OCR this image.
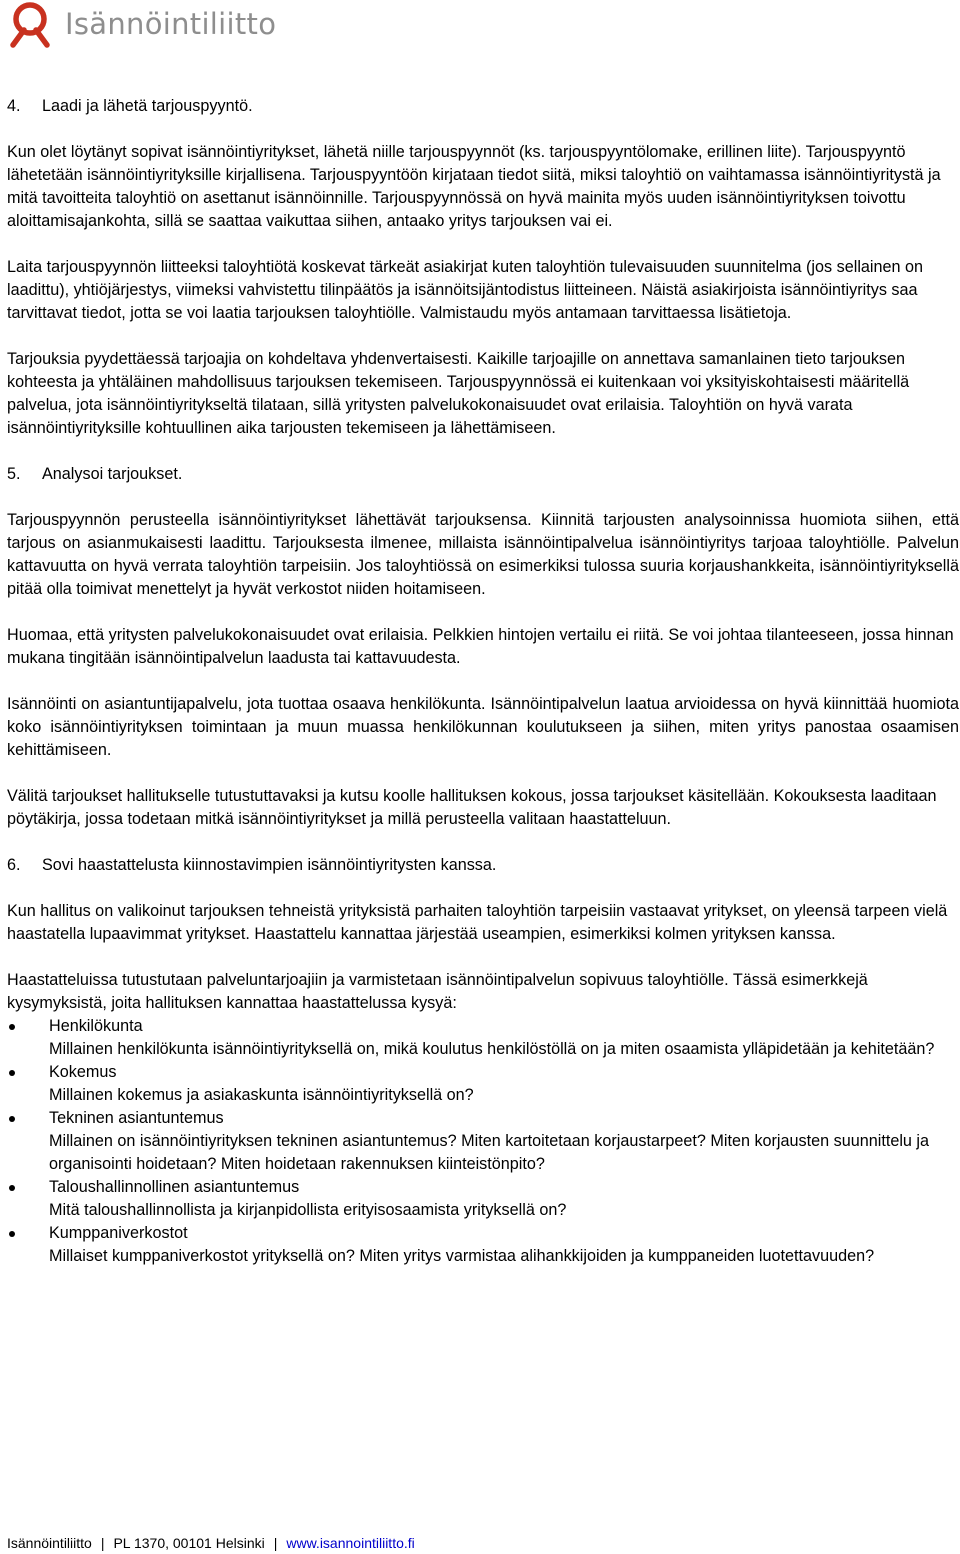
Isännöintiliitto
4.	Laadi ja lähetä tarjouspyyntö.

Kun olet löytänyt sopivat isännöintiyritykset, lähetä niille tarjouspyynnöt (ks. tarjouspyyntölomake, erillinen liite). Tarjouspyyntö lähetetään isännöintiyrityksille kirjallisena. Tarjouspyyntöön kirjataan tiedot siitä, miksi taloyhtiö on vaihtamassa isännöintiyritystä ja mitä tavoitteita taloyhtiö on asettanut isännöinnille. Tarjouspyynnössä on hyvä mainita myös uuden isännöintiyrityksen toivottu aloittamisajankohta, sillä se saattaa vaikuttaa siihen, antaako yritys tarjouksen vai ei.

Laita tarjouspyynnön liitteeksi taloyhtiötä koskevat tärkeät asiakirjat kuten taloyhtiön tulevaisuuden suunnitelma (jos sellainen on laadittu), yhtiöjärjestys, viimeksi vahvistettu tilinpäätös ja isännöitsijäntodistus liitteineen. Näistä asiakirjoista isännöintiyritys saa tarvittavat tiedot, jotta se voi laatia tarjouksen taloyhtiölle. Valmistaudu myös antamaan tarvittaessa lisätietoja.

Tarjouksia pyydettäessä tarjoajia on kohdeltava yhdenvertaisesti. Kaikille tarjoajille on annettava samanlainen tieto tarjouksen kohteesta ja yhtäläinen mahdollisuus tarjouksen tekemiseen. Tarjouspyynnössä ei kuitenkaan voi yksityiskohtaisesti määritellä palvelua, jota isännöintiyritykseltä tilataan, sillä yritysten palvelukokonaisuudet ovat erilaisia. Taloyhtiön on hyvä varata isännöintiyrityksille kohtuullinen aika tarjousten tekemiseen ja lähettämiseen.

5.	Analysoi tarjoukset.

Tarjouspyynnön perusteella isännöintiyritykset lähettävät tarjouksensa. Kiinnitä tarjousten analysoinnissa huomiota siihen, että tarjous on asianmukaisesti laadittu. Tarjouksesta ilmenee, millaista isännöintipalvelua isännöintiyritys tarjoaa taloyhtiölle. Palvelun kattavuutta on hyvä verrata taloyhtiön tarpeisiin. Jos taloyhtiössä on esimerkiksi tulossa suuria korjaushankkeita, isännöintiyrityksellä pitää olla toimivat menettelyt ja hyvät verkostot niiden hoitamiseen.

Huomaa, että yritysten palvelukokonaisuudet ovat erilaisia. Pelkkien hintojen vertailu ei riitä. Se voi johtaa tilanteeseen, jossa hinnan mukana tingitään isännöintipalvelun laadusta tai kattavuudesta.

Isännöinti on asiantuntijapalvelu, jota tuottaa osaava henkilökunta. Isännöintipalvelun laatua arvioidessa on hyvä kiinnittää huomiota koko isännöintiyrityksen toimintaan ja muun muassa henkilökunnan koulutukseen ja siihen, miten yritys panostaa osaamisen kehittämiseen.

Välitä tarjoukset hallitukselle tutustuttavaksi ja kutsu koolle hallituksen kokous, jossa tarjoukset käsitellään. Kokouksesta laaditaan pöytäkirja, jossa todetaan mitkä isännöintiyritykset ja millä perusteella valitaan haastatteluun.

6.	Sovi haastattelusta kiinnostavimpien isännöintiyritysten kanssa.

Kun hallitus on valikoinut tarjouksen tehneistä yrityksistä parhaiten taloyhtiön tarpeisiin vastaavat yritykset, on yleensä tarpeen vielä haastatella lupaavimmat yritykset. Haastattelu kannattaa järjestää useampien, esimerkiksi kolmen yrityksen kanssa.

Haastatteluissa tutustutaan palveluntarjoajiin ja varmistetaan isännöintipalvelun sopivuus taloyhtiölle. Tässä esimerkkejä kysymyksistä, joita hallituksen kannattaa haastattelussa kysyä:

Henkilökunta
Millainen henkilökunta isännöintiyrityksellä on, mikä koulutus henkilöstöllä on ja miten osaamista ylläpidetään ja kehitetään?
Kokemus
Millainen kokemus ja asiakaskunta isännöintiyrityksellä on?
Tekninen asiantuntemus
Millainen on isännöintiyrityksen tekninen asiantuntemus? Miten kartoitetaan korjaustarpeet? Miten korjausten suunnittelu ja organisointi hoidetaan? Miten hoidetaan rakennuksen kiinteistönpito?
Taloushallinnollinen asiantuntemus
Mitä taloushallinnollista ja kirjanpidollista erityisosaamista yrityksellä on?
Kumppaniverkostot
Millaiset kumppaniverkostot yrityksellä on? Miten yritys varmistaa alihankkijoiden ja kumppaneiden luotettavuuden?
Isännöintiliitto | PL 1370, 00101 Helsinki | www.isannointiliitto.fi
